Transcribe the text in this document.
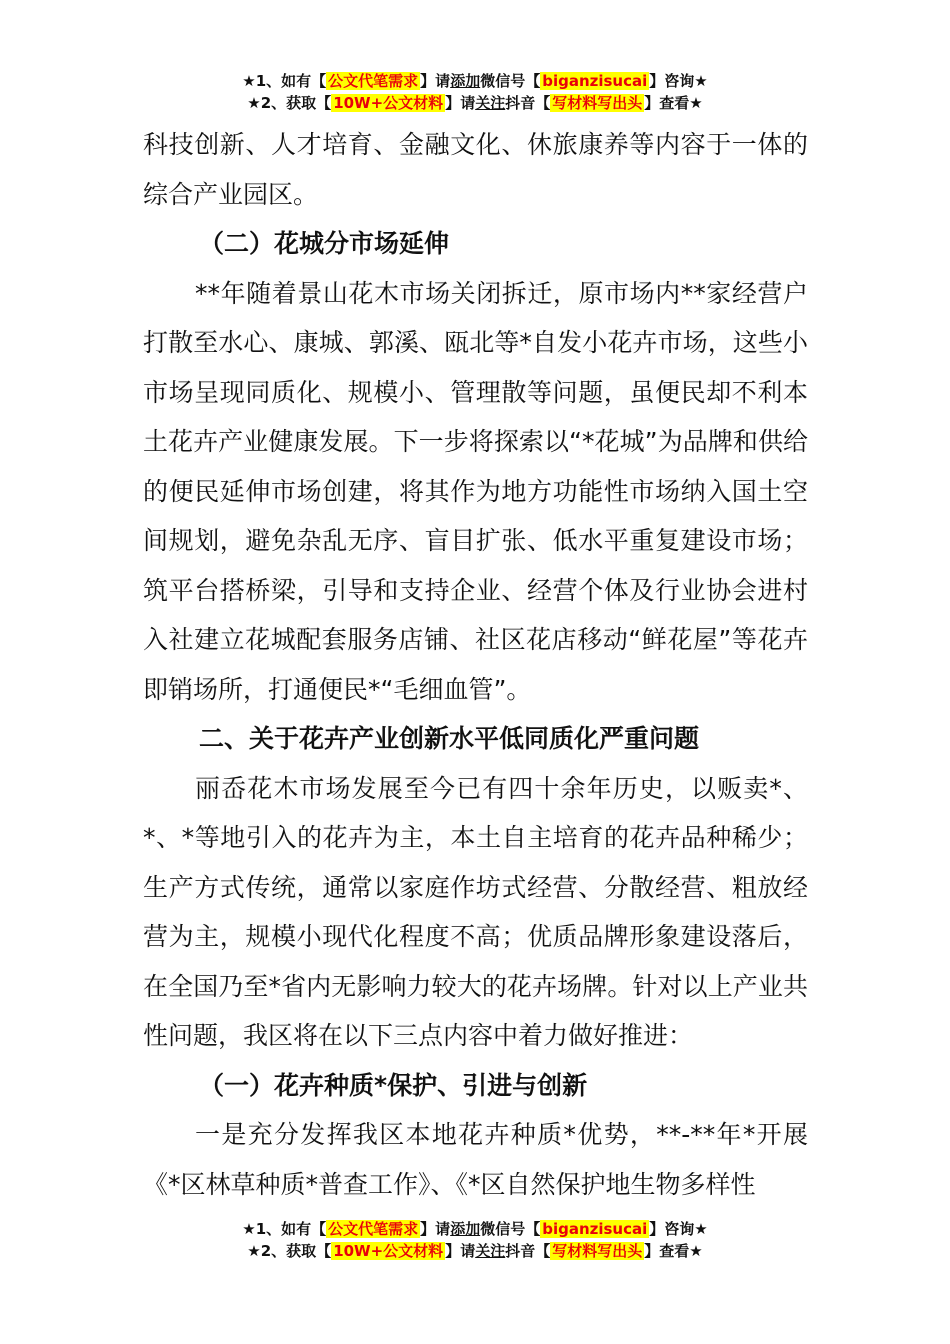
★1、如有【 公文代笔需求 】请添加微信号【 biganzisucai 】咨询★
★2、获取【 10W+公文材料 】请关注抖音【 写材料写出头 】查看★

科技创新、人才培育、金融文化、休旅康养等内容于一体的综合产业园区。

（二）花城分市场延伸

**年随着景山花木市场关闭拆迁，原市场内**家经营户打散至水心、康城、郭溪、瓯北等*自发小花卉市场，这些小市场呈现同质化、规模小、管理散等问题，虽便民却不利本土花卉产业健康发展。下一步将探索以“*花城”为品牌和供给的便民延伸市场创建，将其作为地方功能性市场纳入国土空间规划，避免杂乱无序、盲目扩张、低水平重复建设市场；筑平台搭桥梁，引导和支持企业、经营个体及行业协会进村入社建立花城配套服务店铺、社区花店移动“鲜花屋”等花卉即销场所，打通便民*“毛细血管”。

二、关于花卉产业创新水平低同质化严重问题

丽岙花木市场发展至今已有四十余年历史，以贩卖*、*、*等地引入的花卉为主，本土自主培育的花卉品种稀少；生产方式传统，通常以家庭作坊式经营、分散经营、粗放经营为主，规模小现代化程度不高；优质品牌形象建设落后，在全国乃至*省内无影响力较大的花卉场牌。针对以上产业共性问题，我区将在以下三点内容中着力做好推进：

（一）花卉种质*保护、引进与创新

一是充分发挥我区本地花卉种质*优势，**-**年*开展《*区林草种质*普查工作》、《*区自然保护地生物多样性

★1、如有【 公文代笔需求 】请添加微信号【 biganzisucai 】咨询★
★2、获取【 10W+公文材料 】请关注抖音【 写材料写出头 】查看★
